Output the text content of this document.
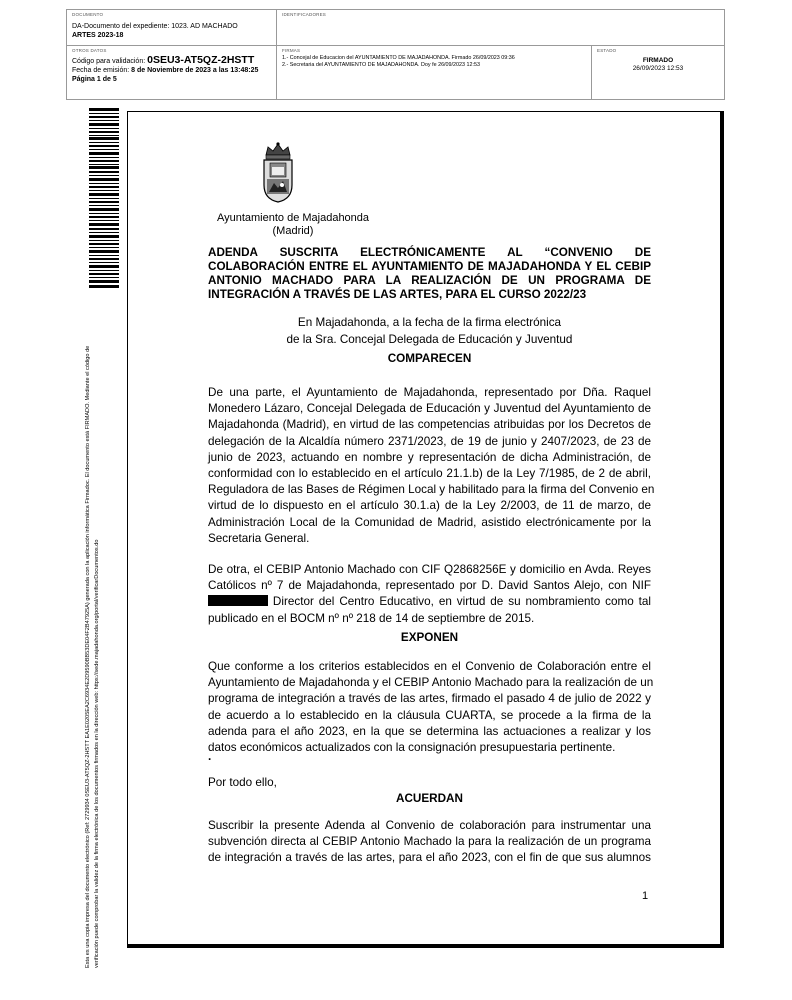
DOCUMENTO
DA-Documento del expediente: 1023. AD MACHADO
ARTES 2023-18
IDENTIFICADORES
OTROS DATOS
Código para validación: 0SEU3-AT5QZ-2HSTT
Fecha de emisión: 8 de Noviembre de 2023 a las 13:48:25
Página 1 de 5
FIRMAS
1.- Concejal de Educacion del AYUNTAMIENTO DE MAJADAHONDA. Firmado 26/09/2023 09:36
2.- Secretaria del AYUNTAMIENTO DE MAJADAHONDA. Doy fe 26/09/2023 12:53
ESTADO
FIRMADO
26/09/2023 12:53
Esta es una copia impresa del documento electrónico (Ref: 2729934 0SEU3-AT5QZ-2HSTT EA1E0205EA2C6934E2D9590BB53DE04F2B47925A) generada con la aplicación informática Firmadoc. El documento está FIRMADO. Mediante el código de verificación puede comprobar la validez de la firma electrónica de los documentos firmados en la dirección web: https://sede.majadahonda.org/portal/verificarDocumentos.do
Ayuntamiento de Majadahonda
(Madrid)
ADENDA SUSCRITA ELECTRÓNICAMENTE AL “CONVENIO DE
COLABORACIÓN ENTRE EL AYUNTAMIENTO DE MAJADAHONDA Y EL CEBIP
ANTONIO MACHADO PARA LA REALIZACIÓN DE UN PROGRAMA DE
INTEGRACIÓN A TRAVÉS DE LAS ARTES, PARA EL CURSO 2022/23
En Majadahonda, a la fecha de la firma electrónica
de la Sra. Concejal Delegada de Educación y Juventud
COMPARECEN
De una parte, el Ayuntamiento de Majadahonda, representado por Dña. Raquel
Monedero Lázaro, Concejal Delegada de Educación y Juventud del Ayuntamiento de
Majadahonda (Madrid), en virtud de las competencias atribuidas por los Decretos de
delegación de la Alcaldía número 2371/2023, de 19 de junio y 2407/2023, de 23 de
junio de 2023, actuando en nombre y representación de dicha Administración, de
conformidad con lo establecido en el artículo 21.1.b) de la Ley 7/1985, de 2 de abril,
Reguladora de las Bases de Régimen Local y habilitado para la firma del Convenio en
virtud de lo dispuesto en el artículo 30.1.a) de la Ley 2/2003, de 11 de marzo, de
Administración Local de la Comunidad de Madrid, asistido electrónicamente por la
Secretaria General.
De otra, el CEBIP Antonio Machado con CIF Q2868256E y domicilio en Avda. Reyes
Católicos nº 7 de Majadahonda, representado por D. David Santos Alejo, con NIF
Director del Centro Educativo, en virtud de su nombramiento como tal
publicado en el BOCM nº nº 218 de 14 de septiembre de 2015.
EXPONEN
Que conforme a los criterios establecidos en el Convenio de Colaboración entre el
Ayuntamiento de Majadahonda y el CEBIP Antonio Machado para la realización de un
programa de integración a través de las artes, firmado el pasado 4 de julio de 2022 y
de acuerdo a lo establecido en la cláusula CUARTA, se procede a la firma de la
adenda para el año 2023, en la que se determina las actuaciones a realizar y los
datos económicos actualizados con la consignación presupuestaria pertinente.
·
Por todo ello,
ACUERDAN
Suscribir la presente Adenda al Convenio de colaboración para instrumentar una
subvención directa al CEBIP Antonio Machado la para la realización de un programa
de integración a través de las artes, para el año 2023, con el fin de que sus alumnos
1
